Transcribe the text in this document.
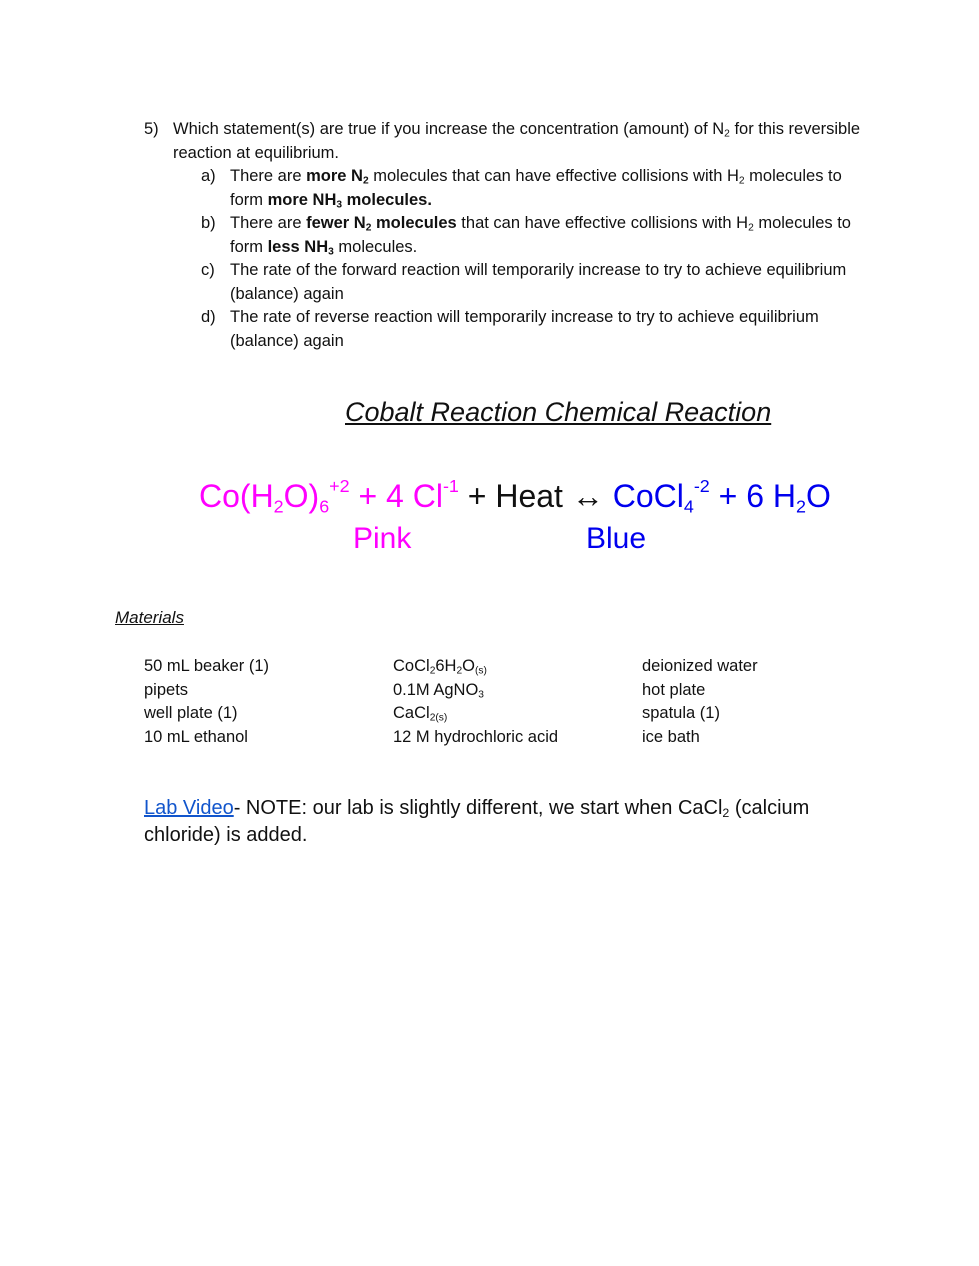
5) Which statement(s) are true if you increase the concentration (amount) of $N_2$ for this reversible reaction at equilibrium.
a) There are more $N_2$ molecules that can have effective collisions with $H_2$ molecules to form more $NH_3$ molecules.
b) There are fewer $N_2$ molecules that can have effective collisions with $H_2$ molecules to form less $NH_3$ molecules.
c) The rate of the forward reaction will temporarily increase to try to achieve equilibrium (balance) again
d) The rate of reverse reaction will temporarily increase to try to achieve equilibrium (balance) again
Cobalt Reaction Chemical Reaction
$Co(H_2O)_6^{+2} + 4$ $Cl^{-1}$ + Heat ↔ CoCl$_4^{-2}$ + 6 $H_2O$
Pink	Blue
Materials
50 mL beaker (1)
pipets
well plate (1)
10 mL ethanol
$CoCl_26H_2O_{(s)}$
0.1M AgNO$_3$
CaCl$_{2(s)}$
12 M hydrochloric acid
deionized water
hot plate
spatula (1)
ice bath
Lab Video- NOTE: our lab is slightly different, we start when CaCl$_2$ (calcium chloride) is added.
